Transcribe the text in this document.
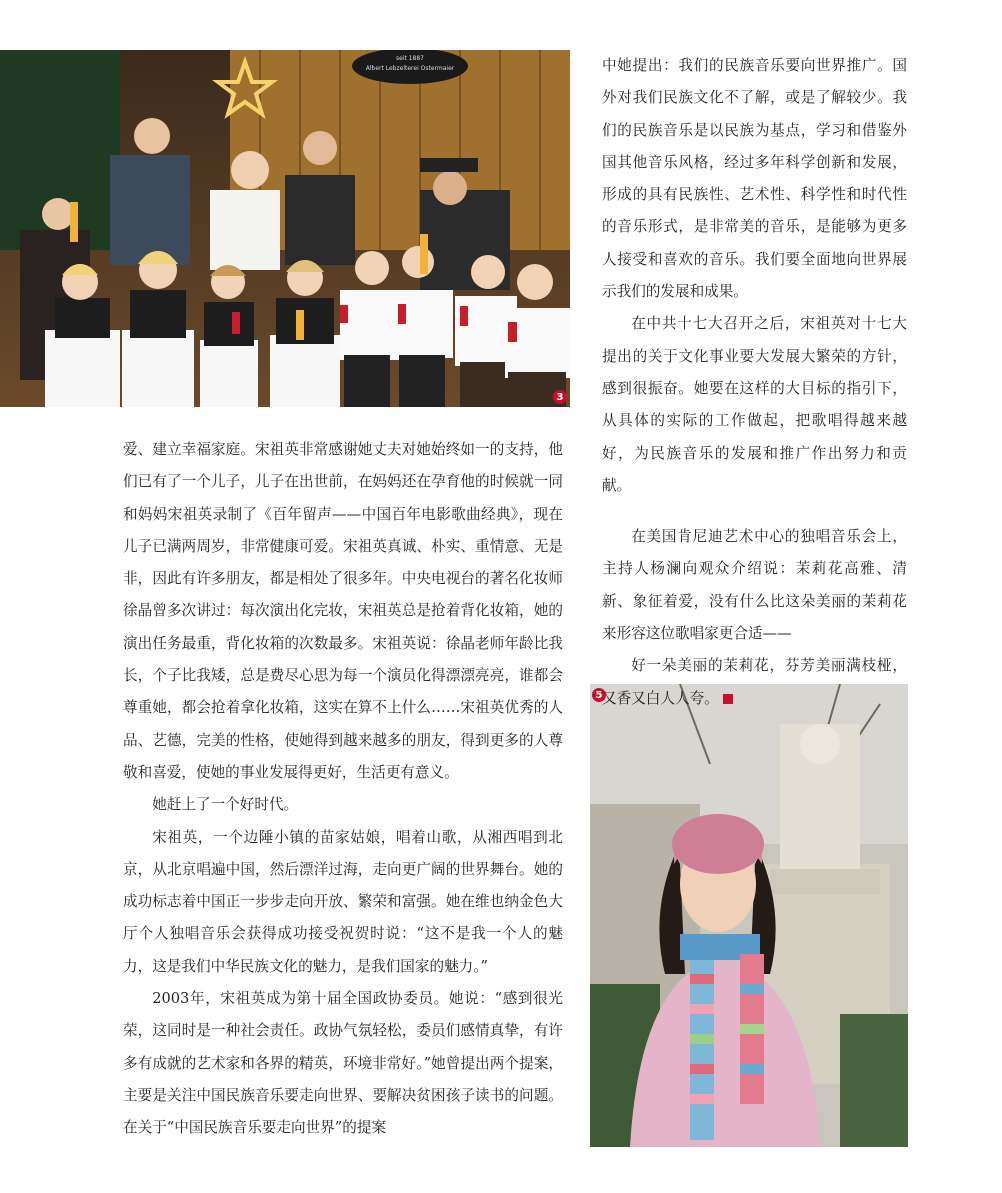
seit 1887
Albert Lebzelterei Ostermaier
3
5

爱、建立幸福家庭。宋祖英非常感谢她丈夫对她始终如一的支持，他们已有了一个儿子，儿子在出世前，在妈妈还在孕育他的时候就一同和妈妈宋祖英录制了《百年留声——中国百年电影歌曲经典》，现在儿子已满两周岁，非常健康可爱。宋祖英真诚、朴实、重情意、无是非，因此有许多朋友，都是相处了很多年。中央电视台的著名化妆师徐晶曾多次讲过：每次演出化完妆，宋祖英总是抢着背化妆箱，她的演出任务最重，背化妆箱的次数最多。宋祖英说：徐晶老师年龄比我长，个子比我矮，总是费尽心思为每一个演员化得漂漂亮亮，谁都会尊重她，都会抢着拿化妆箱，这实在算不上什么……宋祖英优秀的人品、艺德，完美的性格，使她得到越来越多的朋友，得到更多的人尊敬和喜爱，使她的事业发展得更好，生活更有意义。

她赶上了一个好时代。

宋祖英，一个边陲小镇的苗家姑娘，唱着山歌，从湘西唱到北京，从北京唱遍中国，然后漂洋过海，走向更广阔的世界舞台。她的成功标志着中国正一步步走向开放、繁荣和富强。她在维也纳金色大厅个人独唱音乐会获得成功接受祝贺时说：“这不是我一个人的魅力，这是我们中华民族文化的魅力，是我们国家的魅力。”

2003年，宋祖英成为第十届全国政协委员。她说：“感到很光荣，这同时是一种社会责任。政协气氛轻松，委员们感情真挚，有许多有成就的艺术家和各界的精英，环境非常好。”她曾提出两个提案，主要是关注中国民族音乐要走向世界、要解决贫困孩子读书的问题。在关于“中国民族音乐要走向世界”的提案

中她提出：我们的民族音乐要向世界推广。国外对我们民族文化不了解，或是了解较少。我们的民族音乐是以民族为基点，学习和借鉴外国其他音乐风格，经过多年科学创新和发展，形成的具有民族性、艺术性、科学性和时代性的音乐形式，是非常美的音乐，是能够为更多人接受和喜欢的音乐。我们要全面地向世界展示我们的发展和成果。

在中共十七大召开之后，宋祖英对十七大提出的关于文化事业要大发展大繁荣的方针，感到很振奋。她要在这样的大目标的指引下，从具体的实际的工作做起，把歌唱得越来越好，为民族音乐的发展和推广作出努力和贡献。

在美国肯尼迪艺术中心的独唱音乐会上，主持人杨澜向观众介绍说：茉莉花高雅、清新、象征着爱，没有什么比这朵美丽的茉莉花来形容这位歌唱家更合适——

好一朵美丽的茉莉花，芬芳美丽满枝桠，又香又白人人夸。
